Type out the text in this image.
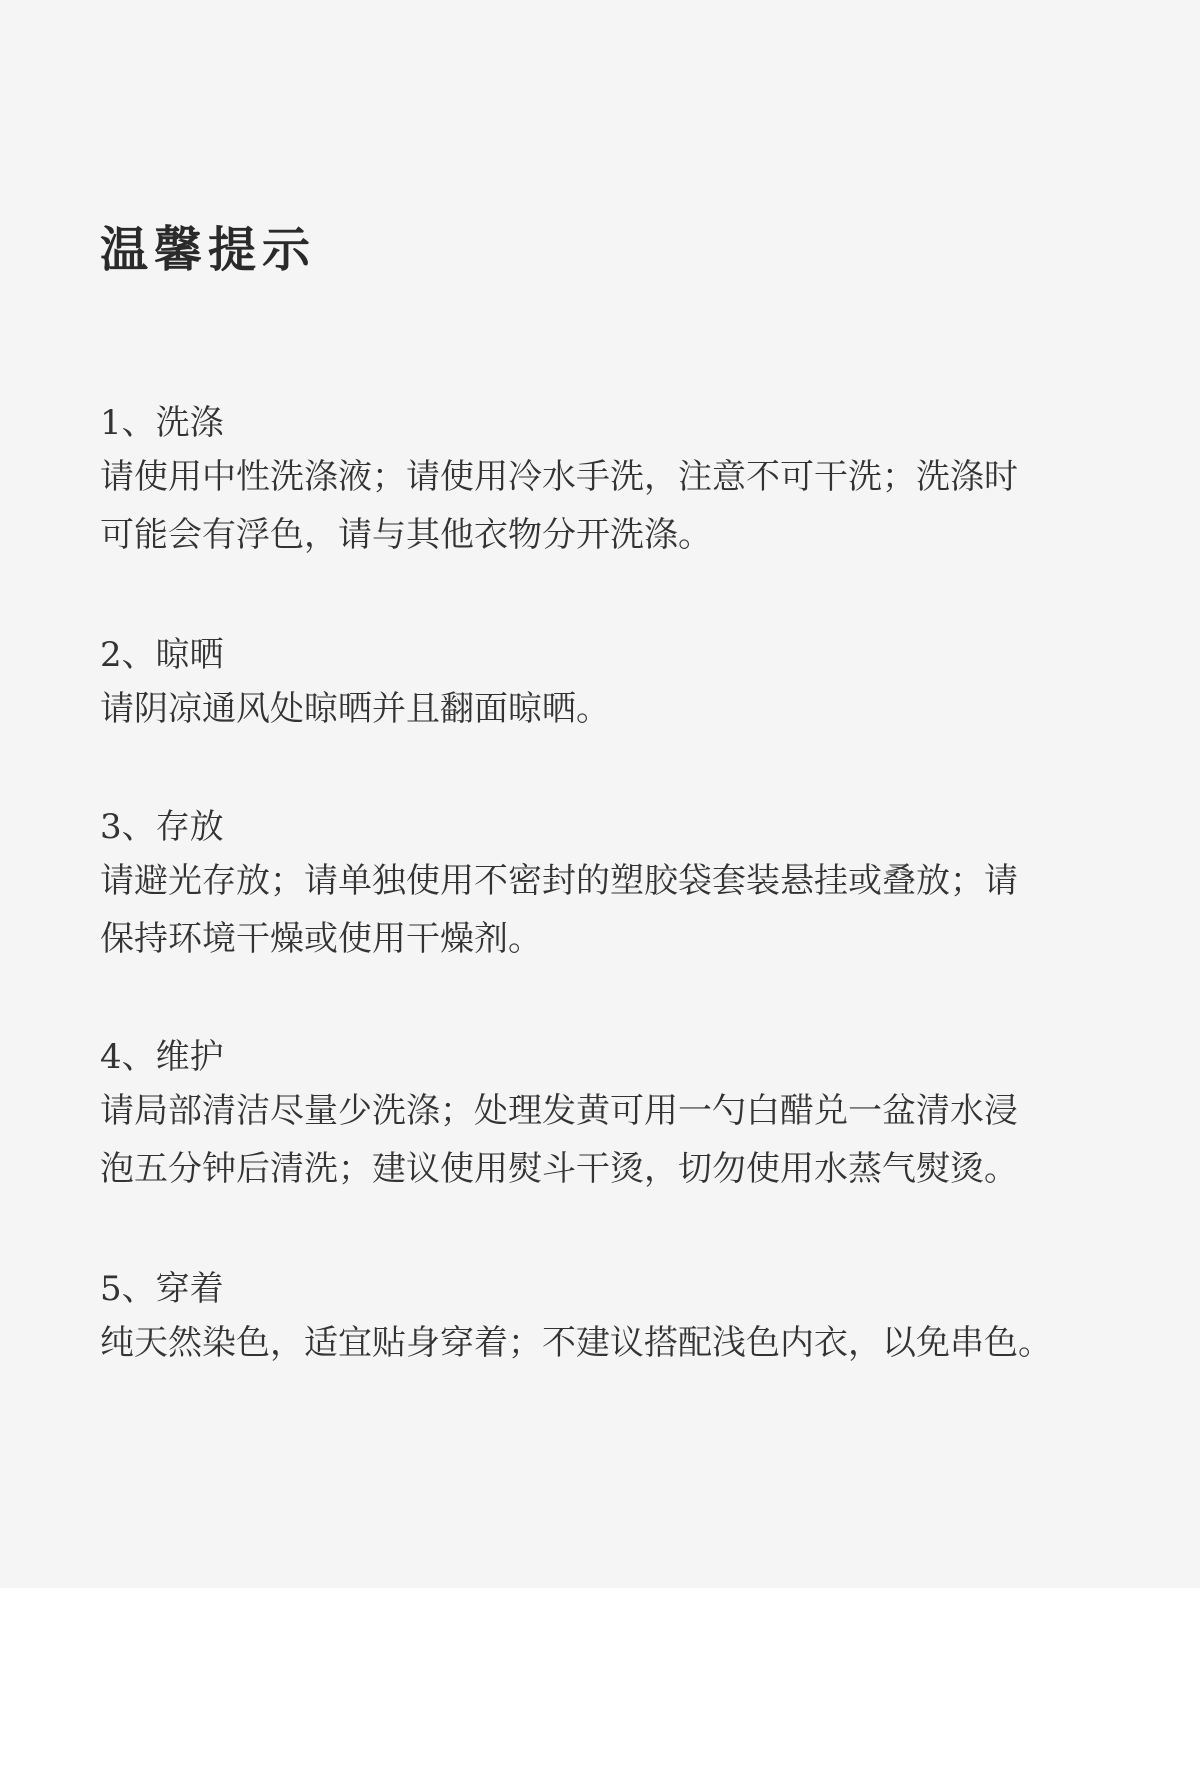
温馨提示
1、洗涤
请使用中性洗涤液；请使用冷水手洗，注意不可干洗；洗涤时
可能会有浮色，请与其他衣物分开洗涤。
2、晾晒
请阴凉通风处晾晒并且翻面晾晒。
3、存放
请避光存放；请单独使用不密封的塑胶袋套装悬挂或叠放；请
保持环境干燥或使用干燥剂。
4、维护
请局部清洁尽量少洗涤；处理发黄可用一勺白醋兑一盆清水浸
泡五分钟后清洗；建议使用熨斗干烫，切勿使用水蒸气熨烫。
5、穿着
纯天然染色，适宜贴身穿着；不建议搭配浅色内衣，以免串色。
